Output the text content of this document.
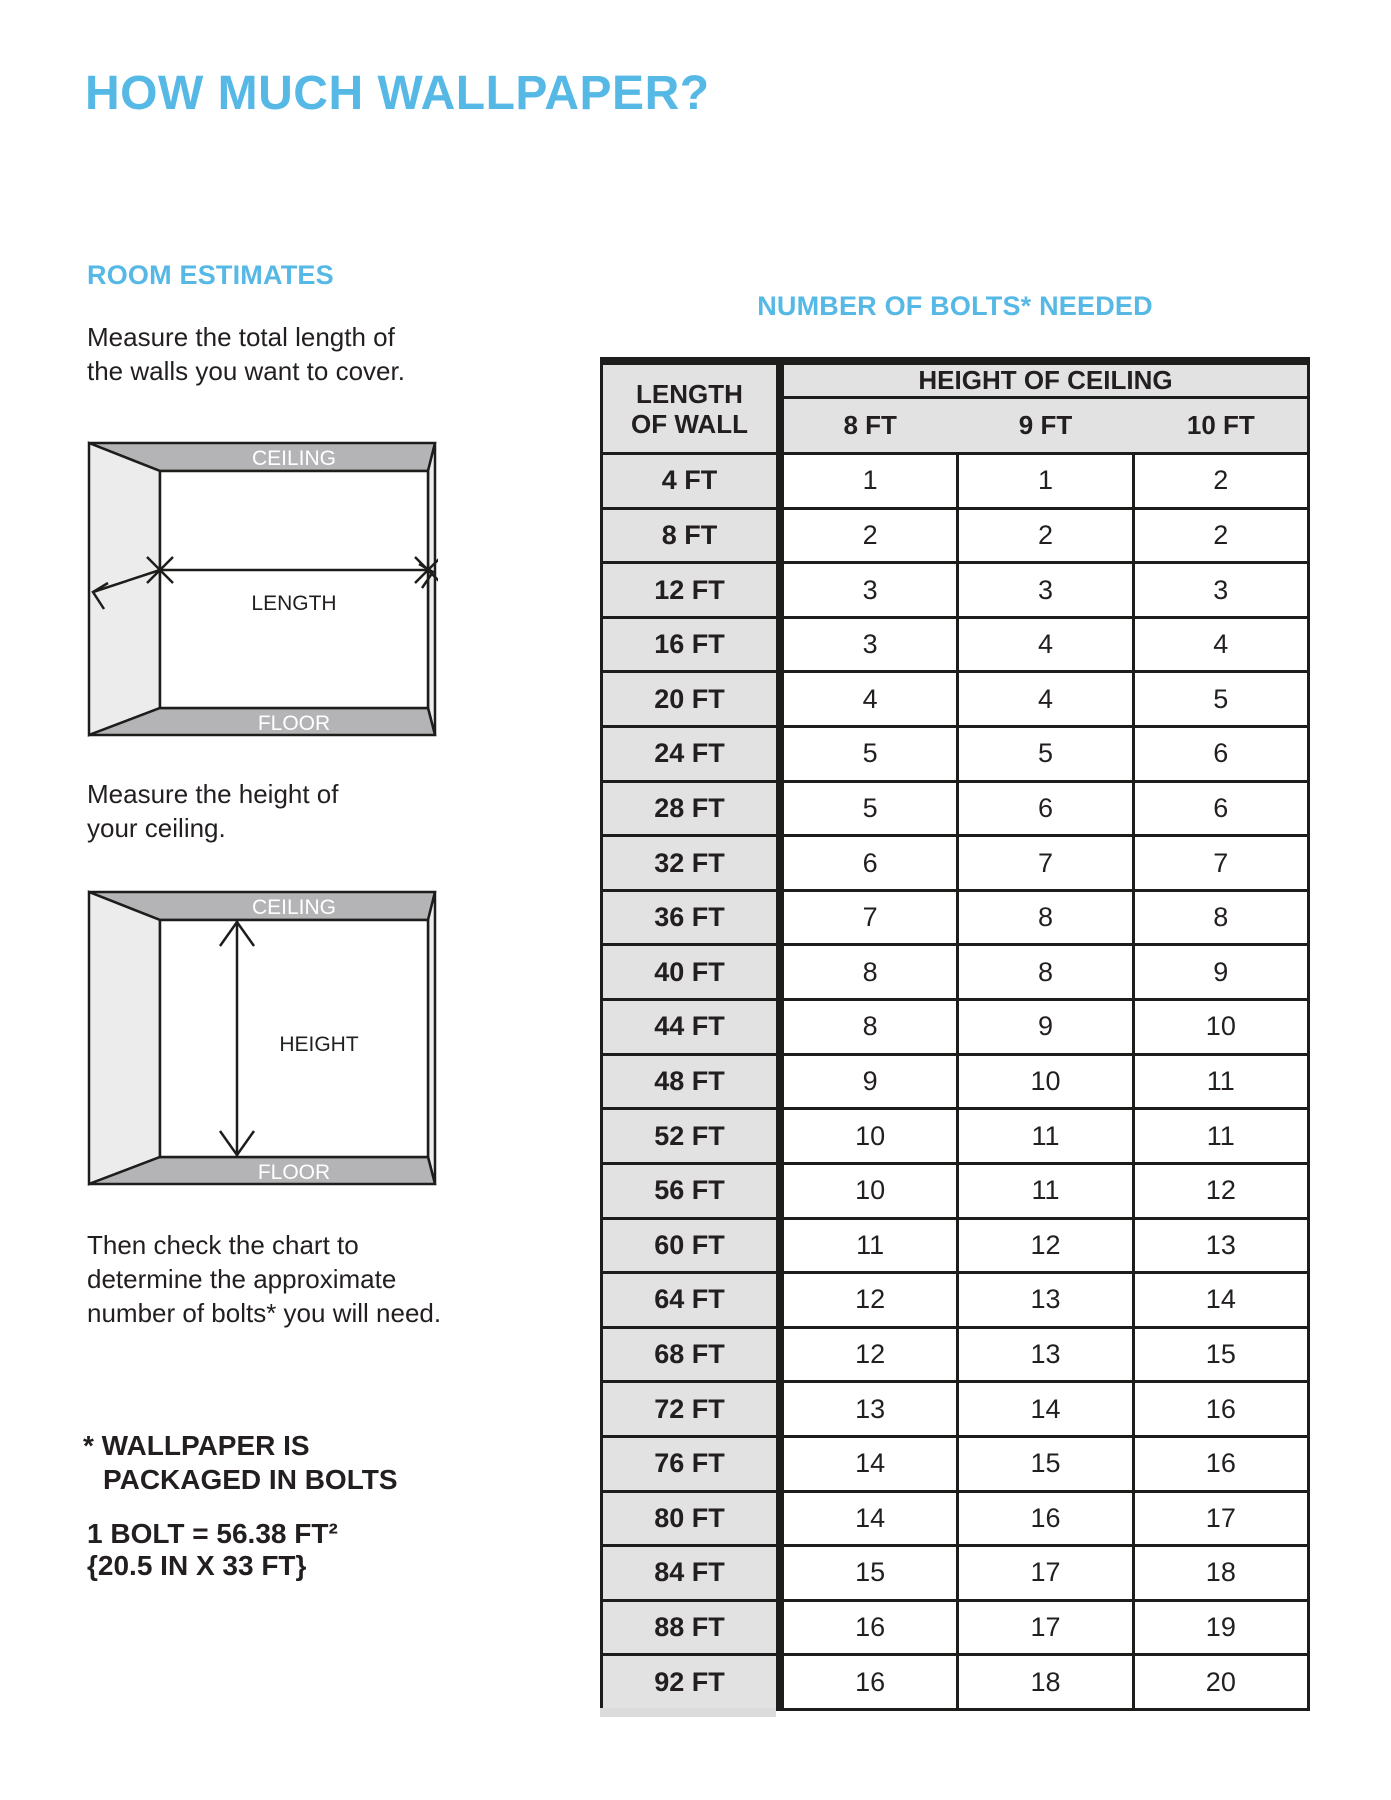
HOW MUCH WALLPAPER?
ROOM ESTIMATES
Measure the total length of
the walls you want to cover.
CEILING
LENGTH
FLOOR
Measure the height of
your ceiling.
CEILING
HEIGHT
FLOOR
Then check the chart to
determine the approximate
number of bolts* you will need.
* WALLPAPER IS
PACKAGED IN BOLTS
1 BOLT = 56.38 FT²
{20.5 IN X 33 FT}
NUMBER OF BOLTS* NEEDED
LENGTH
OF WALL
HEIGHT OF CEILING
8 FT	9 FT	10 FT
4 FT	1	1	2
8 FT	2	2	2
12 FT	3	3	3
16 FT	3	4	4
20 FT	4	4	5
24 FT	5	5	6
28 FT	5	6	6
32 FT	6	7	7
36 FT	7	8	8
40 FT	8	8	9
44 FT	8	9	10
48 FT	9	10	11
52 FT	10	11	11
56 FT	10	11	12
60 FT	11	12	13
64 FT	12	13	14
68 FT	12	13	15
72 FT	13	14	16
76 FT	14	15	16
80 FT	14	16	17
84 FT	15	17	18
88 FT	16	17	19
92 FT	16	18	20
